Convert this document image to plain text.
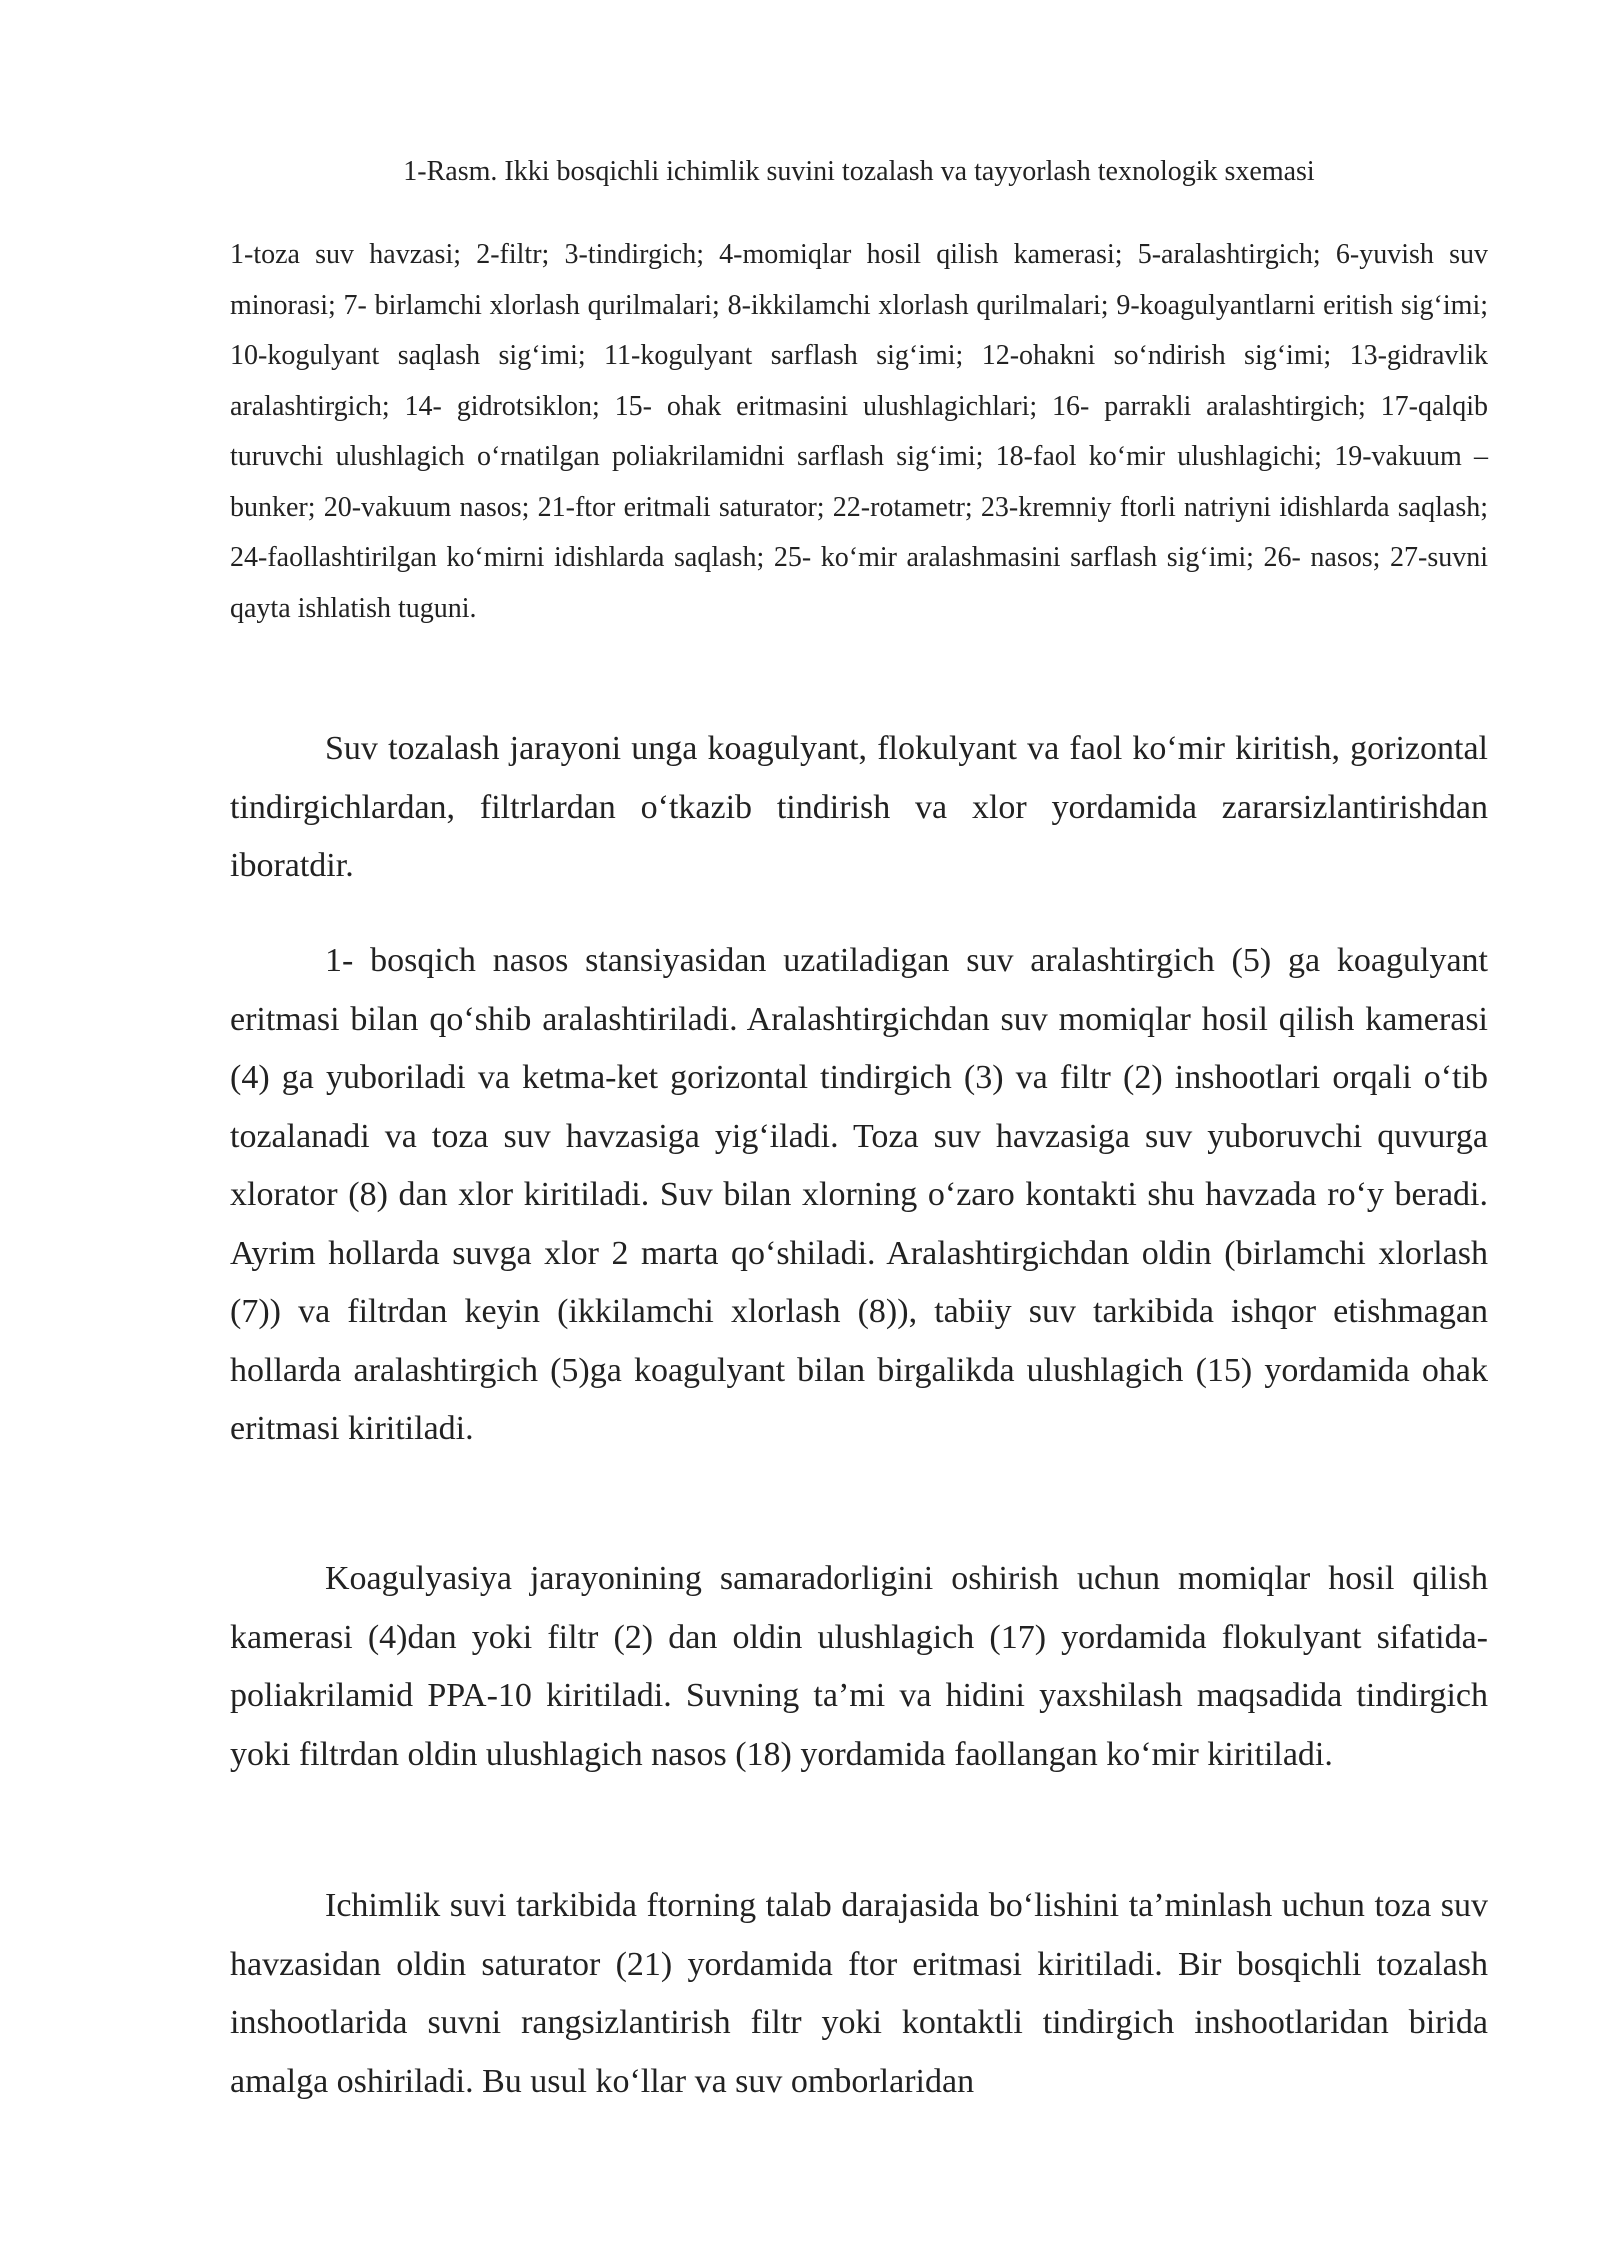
1-Rasm. Ikki bosqichli ichimlik suvini tozalash va tayyorlash texnologik sxemasi
1-toza suv havzasi; 2-filtr; 3-tindirgich; 4-momiqlar hosil qilish kamerasi; 5-aralashtirgich; 6-yuvish suv minorasi; 7- birlamchi xlorlash qurilmalari; 8-ikkilamchi xlorlash qurilmalari; 9-koagulyantlarni eritish sig‘imi; 10-kogulyant saqlash sig‘imi; 11-kogulyant sarflash sig‘imi; 12-ohakni so‘ndirish sig‘imi; 13-gidravlik aralashtirgich; 14- gidrotsiklon; 15- ohak eritmasini ulushlagichlari; 16- parrakli aralashtirgich; 17-qalqib turuvchi ulushlagich o‘rnatilgan poliakrilamidni sarflash sig‘imi; 18-faol ko‘mir ulushlagichi; 19-vakuum – bunker; 20-vakuum nasos; 21-ftor eritmali saturator; 22-rotametr; 23-kremniy ftorli natriyni idishlarda saqlash; 24-faollashtirilgan ko‘mirni idishlarda saqlash; 25- ko‘mir aralashmasini sarflash sig‘imi; 26- nasos; 27-suvni qayta ishlatish tuguni.

Suv tozalash jarayoni unga koagulyant, flokulyant va faol ko‘mir kiritish, gorizontal tindirgichlardan, filtrlardan o‘tkazib tindirish va xlor yordamida zararsizlantirishdan iboratdir.

1- bosqich nasos stansiyasidan uzatiladigan suv aralashtirgich (5) ga koagulyant eritmasi bilan qo‘shib aralashtiriladi. Aralashtirgichdan suv momiqlar hosil qilish kamerasi (4) ga yuboriladi va ketma-ket gorizontal tindirgich (3) va filtr (2) inshootlari orqali o‘tib tozalanadi va toza suv havzasiga yig‘iladi. Toza suv havzasiga suv yuboruvchi quvurga xlorator (8) dan xlor kiritiladi. Suv bilan xlorning o‘zaro kontakti shu havzada ro‘y beradi. Ayrim hollarda suvga xlor 2 marta qo‘shiladi. Aralashtirgichdan oldin (birlamchi xlorlash (7)) va filtrdan keyin (ikkilamchi xlorlash (8)), tabiiy suv tarkibida ishqor etishmagan hollarda aralashtirgich (5)ga koagulyant bilan birgalikda ulushlagich (15) yordamida ohak eritmasi kiritiladi.

Koagulyasiya jarayonining samaradorligini oshirish uchun momiqlar hosil qilish kamerasi (4)dan yoki filtr (2) dan oldin ulushlagich (17) yordamida flokulyant sifatida-poliakrilamid PPA-10 kiritiladi. Suvning ta’mi va hidini yaxshilash maqsadida tindirgich yoki filtrdan oldin ulushlagich nasos (18) yordamida faollangan ko‘mir kiritiladi.

Ichimlik suvi tarkibida ftorning talab darajasida bo‘lishini ta’minlash uchun toza suv havzasidan oldin saturator (21) yordamida ftor eritmasi kiritiladi. Bir bosqichli tozalash inshootlarida suvni rangsizlantirish filtr yoki kontaktli tindirgich inshootlaridan birida amalga oshiriladi. Bu usul ko‘llar va suv omborlaridan
